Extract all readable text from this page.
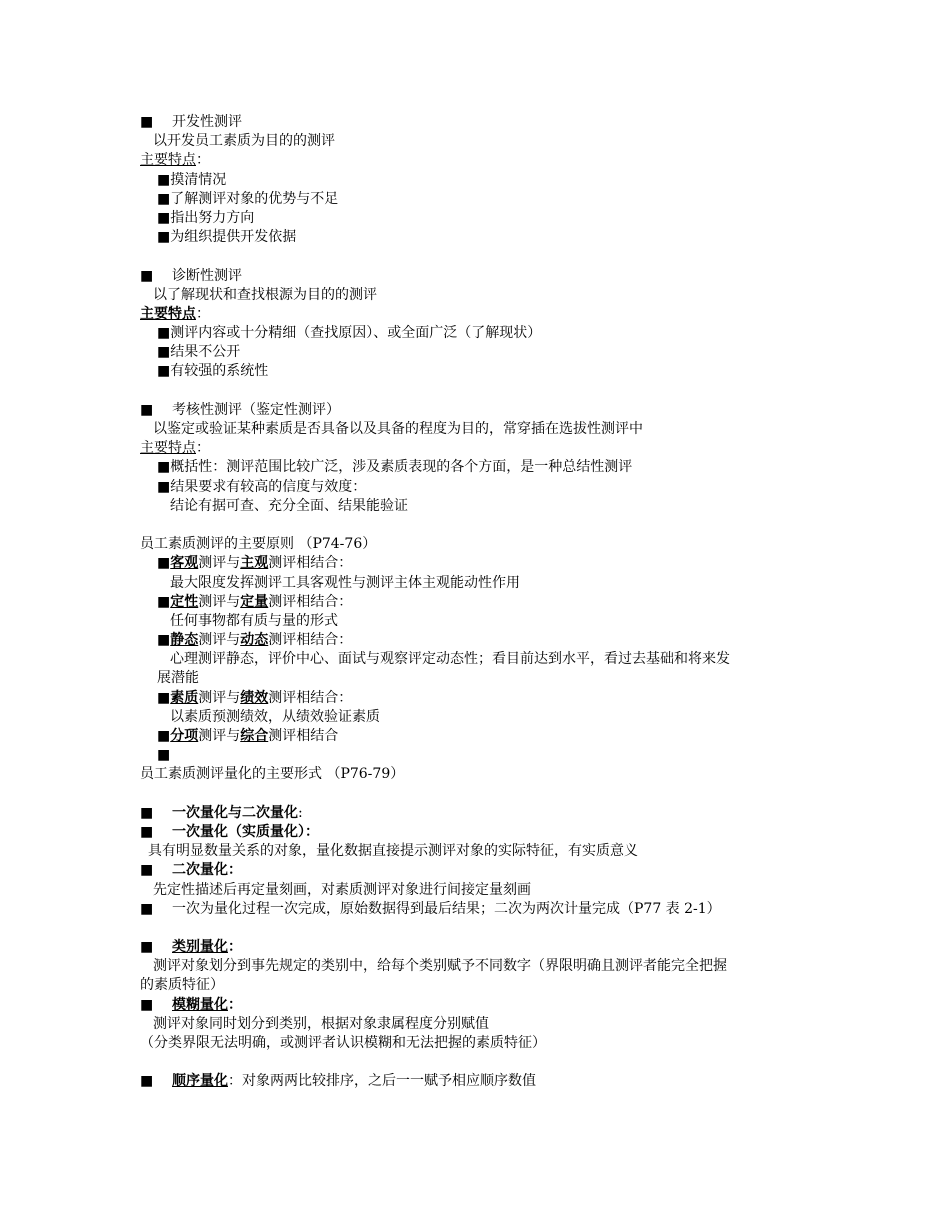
■ 开发性测评
以开发员工素质为目的的测评
主要特点：
■摸清情况
■了解测评对象的优势与不足
■指出努力方向
■为组织提供开发依据
■ 诊断性测评
以了解现状和查找根源为目的的测评
主要特点：
■测评内容或十分精细（查找原因）、或全面广泛（了解现状）
■结果不公开
■有较强的系统性
■ 考核性测评（鉴定性测评）
以鉴定或验证某种素质是否具备以及具备的程度为目的，常穿插在选拔性测评中
主要特点：
■概括性：测评范围比较广泛，涉及素质表现的各个方面，是一种总结性测评
■结果要求有较高的信度与效度：
结论有据可查、充分全面、结果能验证
员工素质测评的主要原则 （P74-76）
■客观测评与主观测评相结合：
最大限度发挥测评工具客观性与测评主体主观能动性作用
■定性测评与定量测评相结合：
任何事物都有质与量的形式
■静态测评与动态测评相结合：
心理测评静态，评价中心、面试与观察评定动态性；看目前达到水平，看过去基础和将来发
展潜能
■素质测评与绩效测评相结合：
以素质预测绩效，从绩效验证素质
■分项测评与综合测评相结合
■
员工素质测评量化的主要形式 （P76-79）
■ 一次量化与二次量化:
■ 一次量化（实质量化）：
具有明显数量关系的对象，量化数据直接提示测评对象的实际特征，有实质意义
■ 二次量化：
先定性描述后再定量刻画，对素质测评对象进行间接定量刻画
■ 一次为量化过程一次完成，原始数据得到最后结果；二次为两次计量完成（P77 表 2-1）
■ 类别量化：
测评对象划分到事先规定的类别中，给每个类别赋予不同数字（界限明确且测评者能完全把握
的素质特征）
■ 模糊量化：
测评对象同时划分到类别，根据对象隶属程度分别赋值
（分类界限无法明确，或测评者认识模糊和无法把握的素质特征）
■ 顺序量化：对象两两比较排序，之后一一赋予相应顺序数值
